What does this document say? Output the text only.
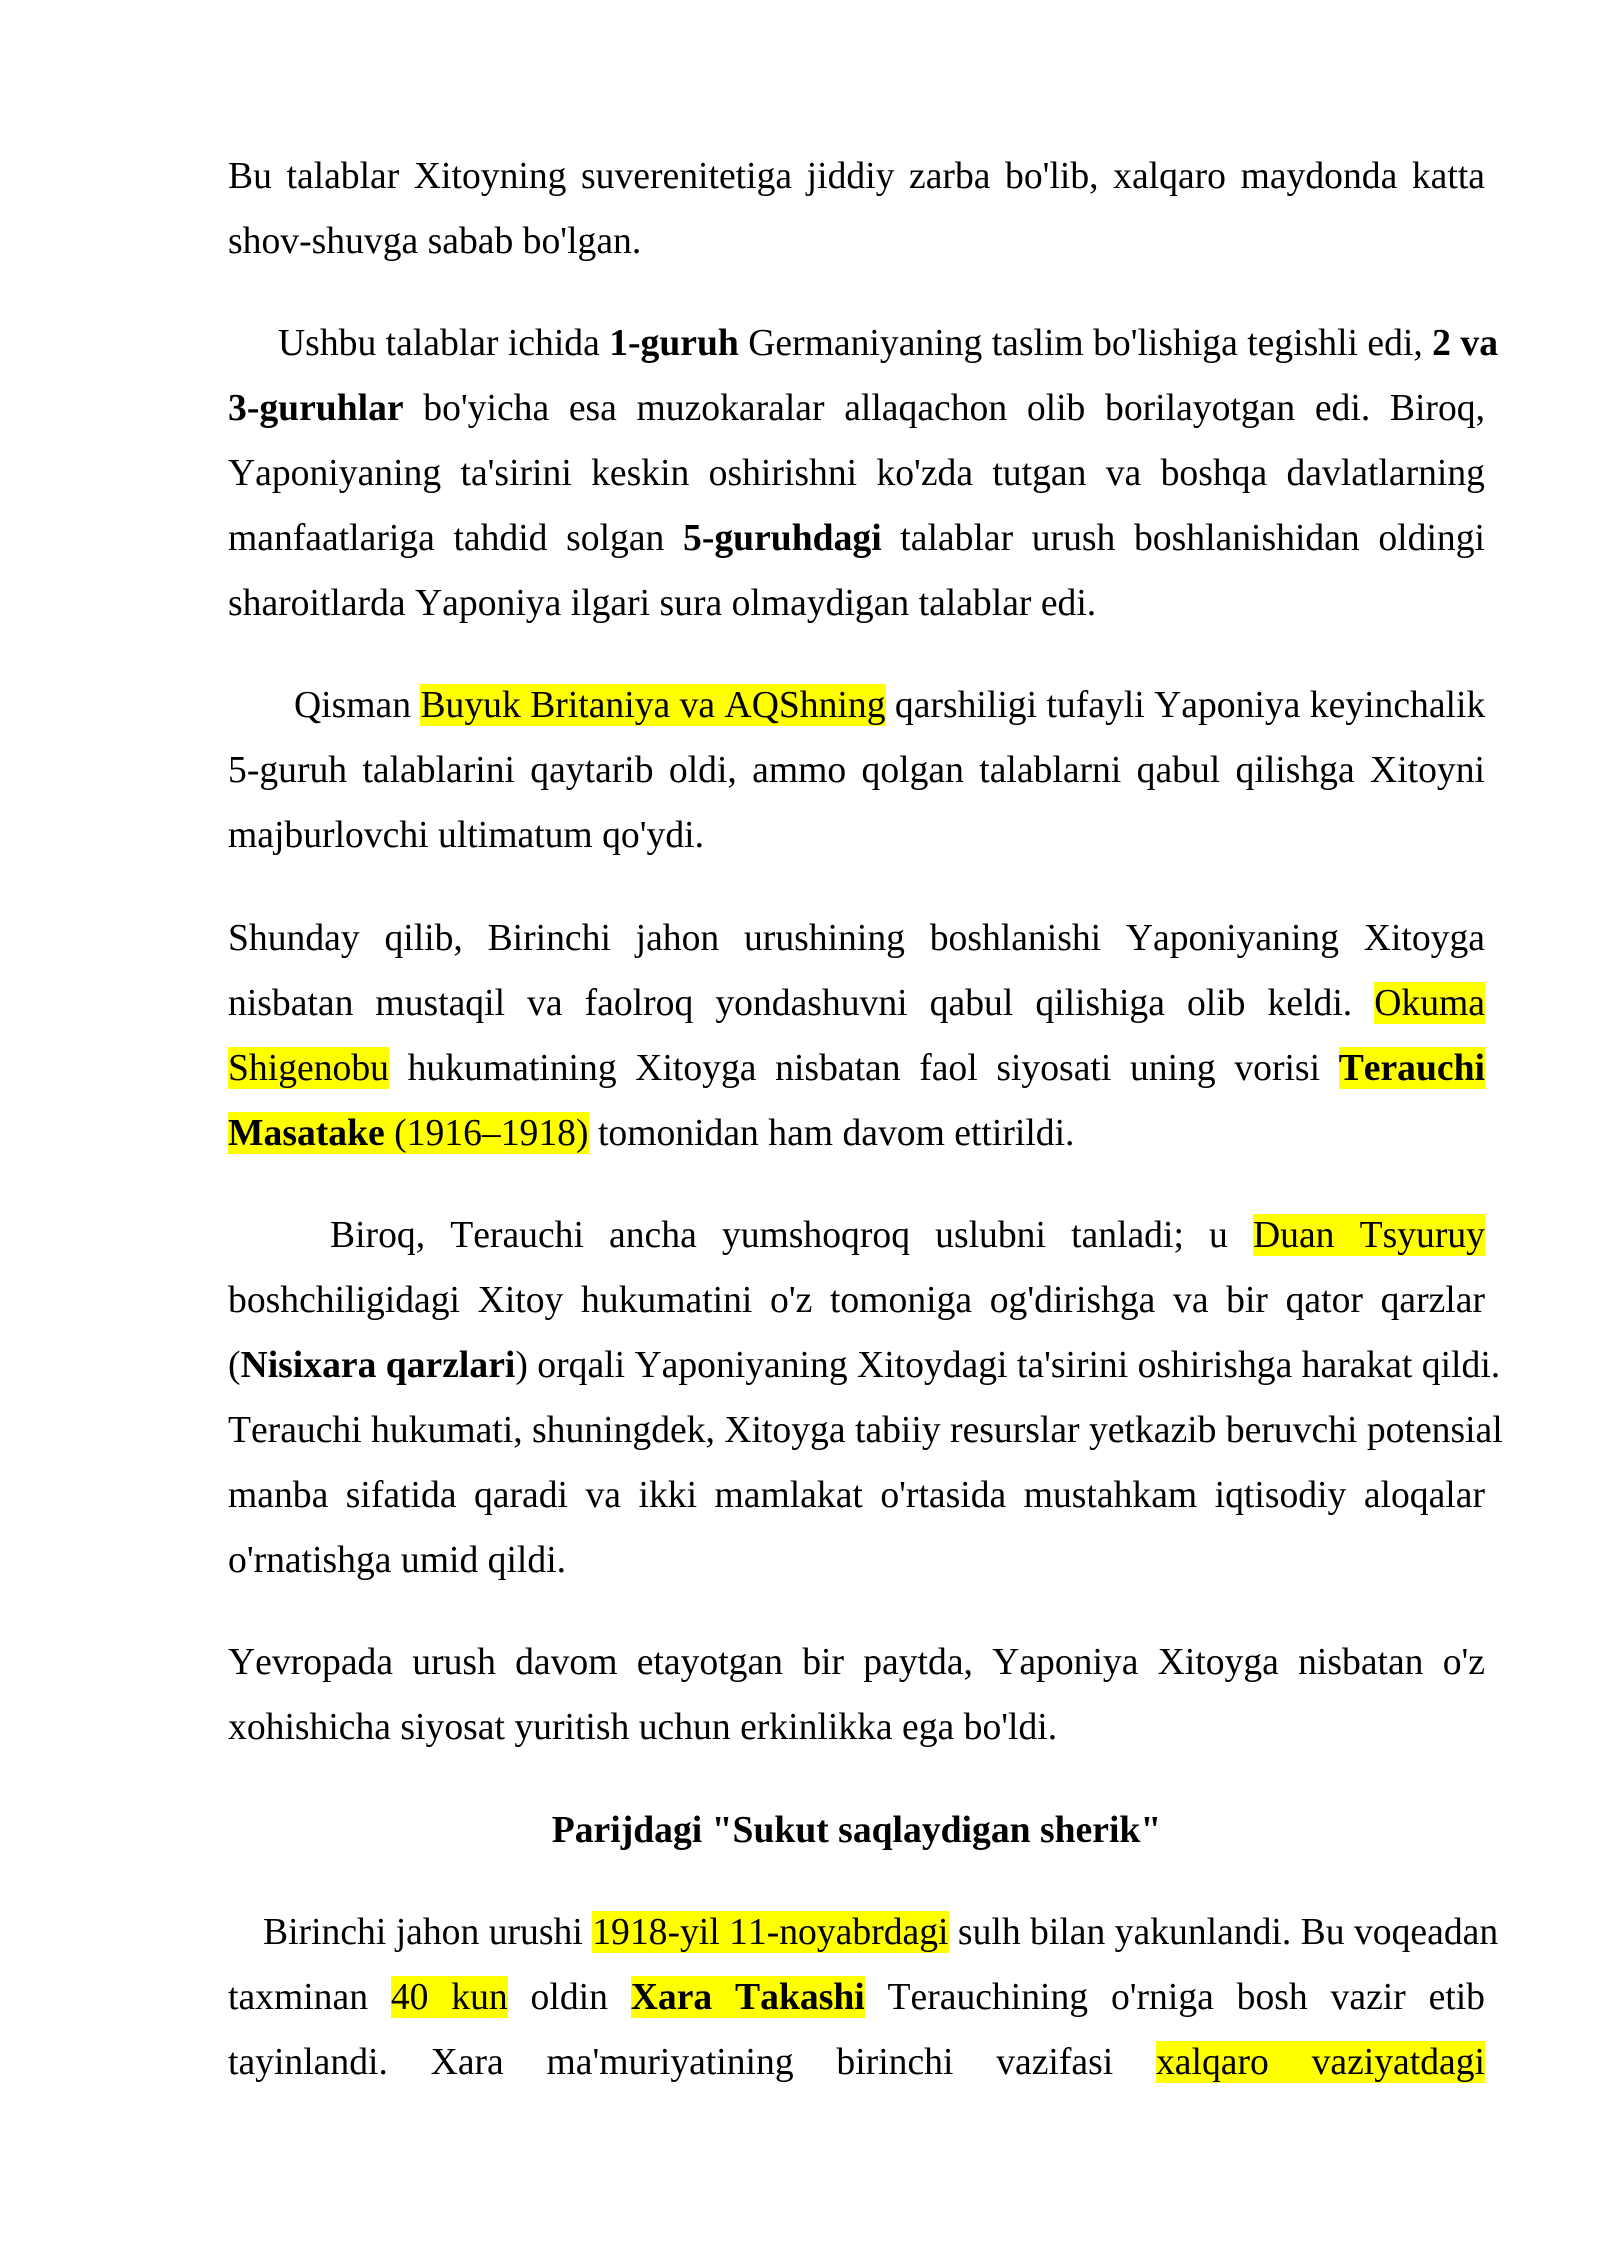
Bu talablar Xitoyning suverenitetiga jiddiy zarba bo'lib, xalqaro maydonda katta
shov-shuvga sabab bo'lgan.
Ushbu talablar ichida 1-guruh Germaniyaning taslim bo'lishiga tegishli edi, 2 va
3-guruhlar bo'yicha esa muzokaralar allaqachon olib borilayotgan edi. Biroq,
Yaponiyaning ta'sirini keskin oshirishni ko'zda tutgan va boshqa davlatlarning
manfaatlariga tahdid solgan 5-guruhdagi talablar urush boshlanishidan oldingi
sharoitlarda Yaponiya ilgari sura olmaydigan talablar edi.
Qisman Buyuk Britaniya va AQShning qarshiligi tufayli Yaponiya keyinchalik
5-guruh talablarini qaytarib oldi, ammo qolgan talablarni qabul qilishga Xitoyni
majburlovchi ultimatum qo'ydi.
Shunday qilib, Birinchi jahon urushining boshlanishi Yaponiyaning Xitoyga
nisbatan mustaqil va faolroq yondashuvni qabul qilishiga olib keldi. Okuma
Shigenobu hukumatining Xitoyga nisbatan faol siyosati uning vorisi Terauchi
Masatake (1916–1918) tomonidan ham davom ettirildi.
Biroq, Terauchi ancha yumshoqroq uslubni tanladi; u Duan Tsyuruy
boshchiligidagi Xitoy hukumatini o'z tomoniga og'dirishga va bir qator qarzlar
(Nisixara qarzlari) orqali Yaponiyaning Xitoydagi ta'sirini oshirishga harakat qildi.
Terauchi hukumati, shuningdek, Xitoyga tabiiy resurslar yetkazib beruvchi potensial
manba sifatida qaradi va ikki mamlakat o'rtasida mustahkam iqtisodiy aloqalar
o'rnatishga umid qildi.
Yevropada urush davom etayotgan bir paytda, Yaponiya Xitoyga nisbatan o'z
xohishicha siyosat yuritish uchun erkinlikka ega bo'ldi.
Parijdagi "Sukut saqlaydigan sherik"
Birinchi jahon urushi 1918-yil 11-noyabrdagi sulh bilan yakunlandi. Bu voqeadan
taxminan 40 kun oldin Xara Takashi Terauchining o'rniga bosh vazir etib
tayinlandi. Xara ma'muriyatining birinchi vazifasi xalqaro vaziyatdagi
